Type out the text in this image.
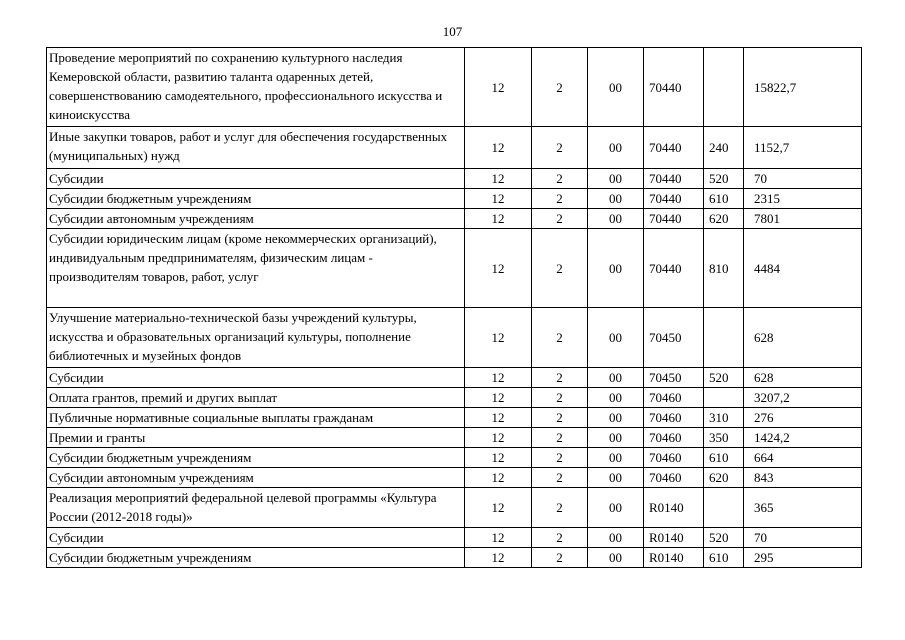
107
Проведение мероприятий по сохранению культурного наследия Кемеровской области, развитию таланта одаренных детей, совершенствованию самодеятельного, профессионального искусства и киноискусства	12	2	00	70440		15822,7
Иные закупки товаров, работ и услуг для обеспечения государственных (муниципальных) нужд	12	2	00	70440	240	1152,7
Субсидии	12	2	00	70440	520	70
Субсидии бюджетным учреждениям	12	2	00	70440	610	2315
Субсидии автономным учреждениям	12	2	00	70440	620	7801
Субсидии юридическим лицам (кроме некоммерческих организаций), индивидуальным предпринимателям, физическим лицам - производителям товаров, работ, услуг	12	2	00	70440	810	4484
Улучшение материально-технической базы учреждений культуры, искусства и образовательных организаций культуры, пополнение библиотечных и музейных фондов	12	2	00	70450		628
Субсидии	12	2	00	70450	520	628
Оплата грантов, премий и других выплат	12	2	00	70460		3207,2
Публичные нормативные социальные выплаты гражданам	12	2	00	70460	310	276
Премии и гранты	12	2	00	70460	350	1424,2
Субсидии бюджетным учреждениям	12	2	00	70460	610	664
Субсидии автономным учреждениям	12	2	00	70460	620	843
Реализация мероприятий федеральной целевой программы «Культура России (2012-2018 годы)»	12	2	00	R0140		365
Субсидии	12	2	00	R0140	520	70
Субсидии бюджетным учреждениям	12	2	00	R0140	610	295
